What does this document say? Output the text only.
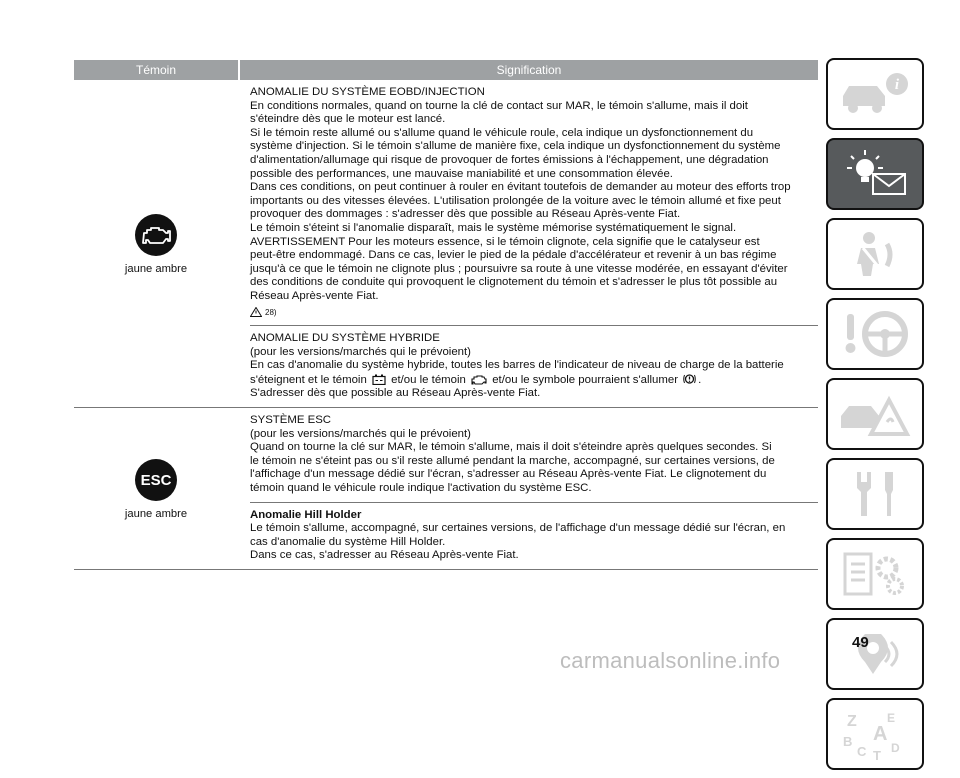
Témoin	Signification
jaune ambre

ANOMALIE DU SYSTÈME EOBD/INJECTION

En conditions normales, quand on tourne la clé de contact sur MAR, le témoin s'allume, mais il doit

s'éteindre dès que le moteur est lancé.

Si le témoin reste allumé ou s'allume quand le véhicule roule, cela indique un dysfonctionnement du

système d'injection. Si le témoin s'allume de manière fixe, cela indique un dysfonctionnement du système

d'alimentation/allumage qui risque de provoquer de fortes émissions à l'échappement, une dégradation

possible des performances, une mauvaise maniabilité et une consommation élevée.

Dans ces conditions, on peut continuer à rouler en évitant toutefois de demander au moteur des efforts trop

importants ou des vitesses élevées. L'utilisation prolongée de la voiture avec le témoin allumé et fixe peut

provoquer des dommages : s'adresser dès que possible au Réseau Après-vente Fiat.

Le témoin s'éteint si l'anomalie disparaît, mais le système mémorise systématiquement le signal.

AVERTISSEMENT Pour les moteurs essence, si le témoin clignote, cela signifie que le catalyseur est

peut-être endommagé. Dans ce cas, levier le pied de la pédale d'accélérateur et revenir à un bas régime

jusqu'à ce que le témoin ne clignote plus ; poursuivre sa route à une vitesse modérée, en essayant d'éviter

des conditions de conduite qui provoquent le clignotement du témoin et s'adresser le plus tôt possible au

Réseau Après-vente Fiat.

28)

ANOMALIE DU SYSTÈME HYBRIDE

(pour les versions/marchés qui le prévoient)

En cas d'anomalie du système hybride, toutes les barres de l'indicateur de niveau de charge de la batterie

s'éteignent et le témoin et/ou le témoin et/ou le symbole pourraient s'allumer .

S'adresser dès que possible au Réseau Après-vente Fiat.

ESC
jaune ambre

SYSTÈME ESC

(pour les versions/marchés qui le prévoient)

Quand on tourne la clé sur MAR, le témoin s'allume, mais il doit s'éteindre après quelques secondes. Si

le témoin ne s'éteint pas ou s'il reste allumé pendant la marche, accompagné, sur certaines versions, de

l'affichage d'un message dédié sur l'écran, s'adresser au Réseau Après-vente Fiat. Le clignotement du

témoin quand le véhicule roule indique l'activation du système ESC.

Anomalie Hill Holder

Le témoin s'allume, accompagné, sur certaines versions, de l'affichage d'un message dédié sur l'écran, en

cas d'anomalie du système Hill Holder.

Dans ce cas, s'adresser au Réseau Après-vente Fiat.

i
Z	E
B A
C T D
49
carmanualsonline.info
